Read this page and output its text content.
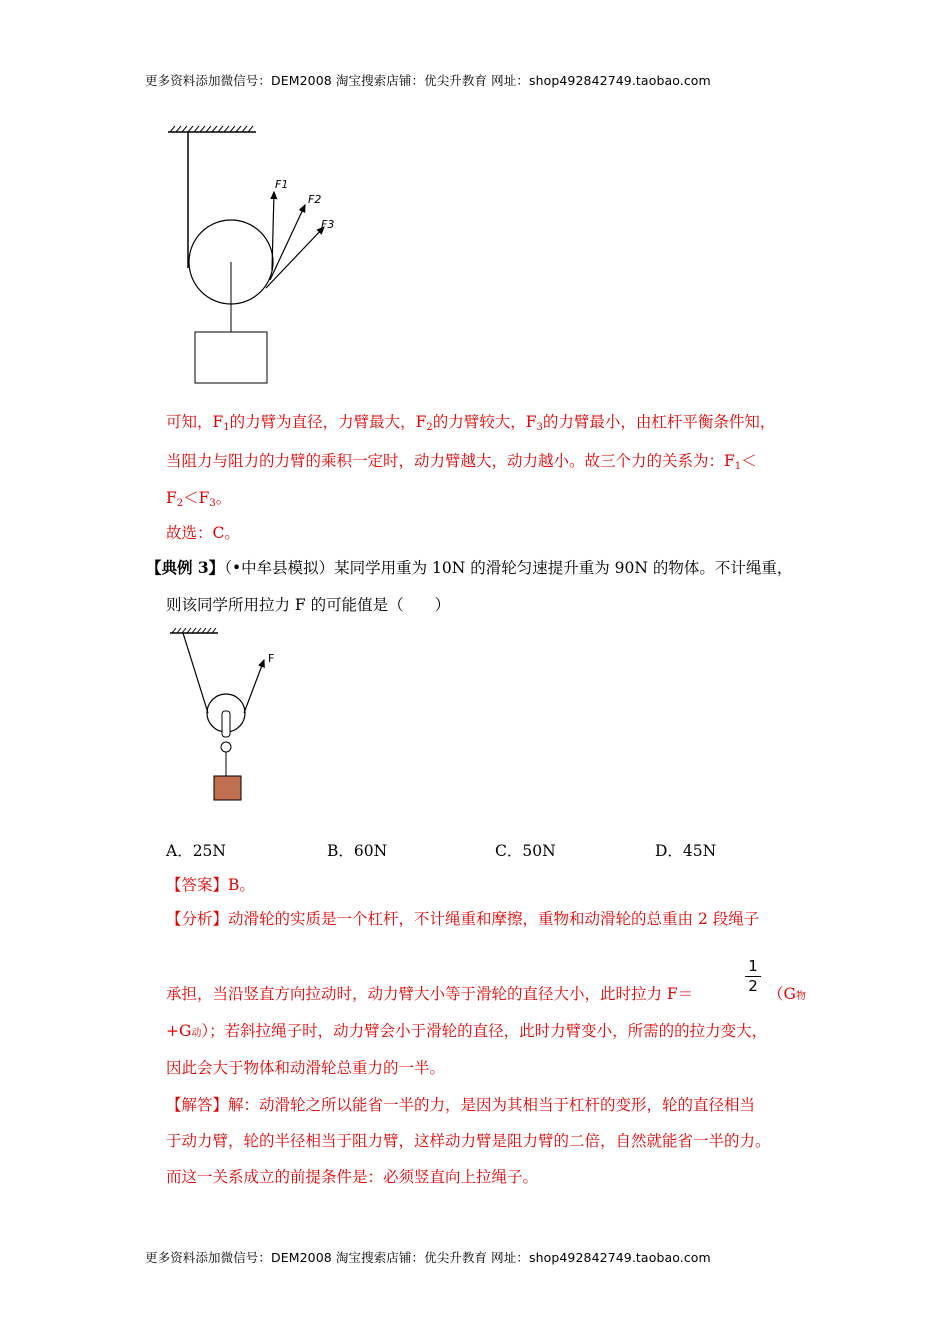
更多资料添加微信号：DEM2008 淘宝搜索店铺：优尖升教育 网址：shop492842749.taobao.com
F1
F2
F3
可知，$F_1$的力臂为直径，力臂最大，$F_2$的力臂较大，$F_3$的力臂最小，由杠杆平衡条件知，
当阻力与阻力的力臂的乘积一定时，动力臂越大，动力越小。故三个力的关系为：$F_1<$
$F_2<F_3$。
故选：C。
【典例 3】（•中牟县模拟）某同学用重为 10N 的滑轮匀速提升重为 90N 的物体。不计绳重，
则该同学所用拉力 F 的可能值是（　　）
F
A．25N	B．60N	C．50N	D．45N
【答案】B。
【分析】动滑轮的实质是一个杠杆，不计绳重和摩擦，重物和动滑轮的总重由 2 段绳子
承担，当沿竖直方向拉动时，动力臂大小等于滑轮的直径大小，此时拉力 F＝
1
2 （G物
+G动）；若斜拉绳子时，动力臂会小于滑轮的直径，此时力臂变小，所需的的拉力变大，
因此会大于物体和动滑轮总重力的一半。
【解答】解：动滑轮之所以能省一半的力，是因为其相当于杠杆的变形，轮的直径相当
于动力臂，轮的半径相当于阻力臂，这样动力臂是阻力臂的二倍，自然就能省一半的力。
而这一关系成立的前提条件是：必须竖直向上拉绳子。
更多资料添加微信号：DEM2008 淘宝搜索店铺：优尖升教育 网址：shop492842749.taobao.com
